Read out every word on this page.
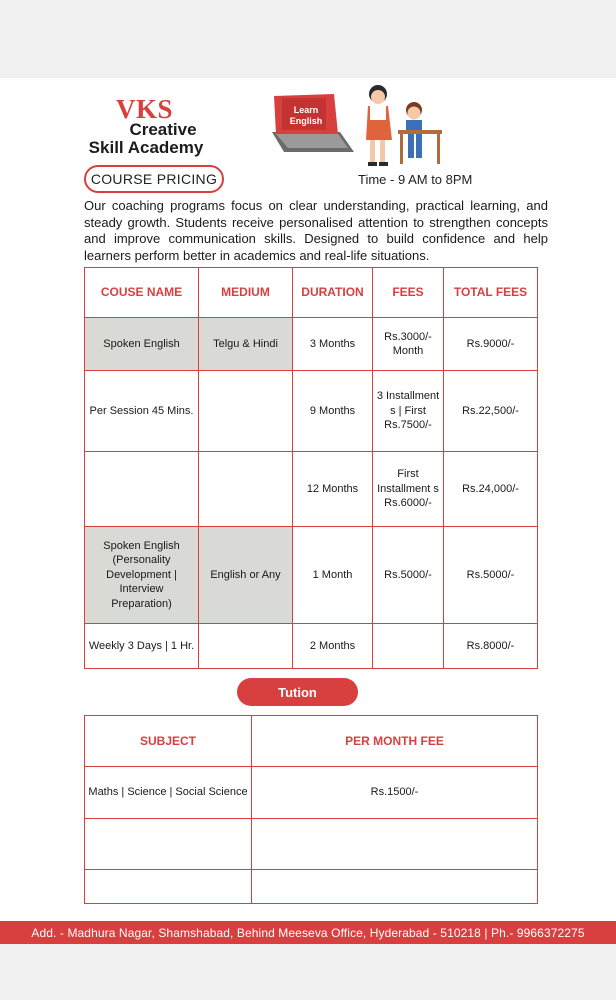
VKS
Creative
Skill Academy
Learn
English
COURSE PRICING	Time - 9 AM to 8PM

Our coaching programs focus on clear understanding, practical learning, and steady growth. Students receive personalised attention to strengthen concepts and improve communication skills. Designed to build confidence and help learners perform better in academics and real-life situations.

COUSE NAME	MEDIUM	DURATION	FEES	TOTAL FEES
Spoken English	Telgu & Hindi	3 Months	Rs.3000/- Month	Rs.9000/-
Per Session 45 Mins.		9 Months	3 Installment s | First Rs.7500/-	Rs.22,500/-
		12 Months	First Installment s Rs.6000/-	Rs.24,000/-
Spoken English (Personality Development | Interview Preparation)	English or Any	1 Month	Rs.5000/-	Rs.5000/-
Weekly 3 Days | 1 Hr.		2 Months		Rs.8000/-
Tution
SUBJECT	PER MONTH FEE
Maths | Science | Social Science	Rs.1500/-

Add. - Madhura Nagar, Shamshabad, Behind Meeseva Office, Hyderabad - 510218 | Ph.- 9966372275
